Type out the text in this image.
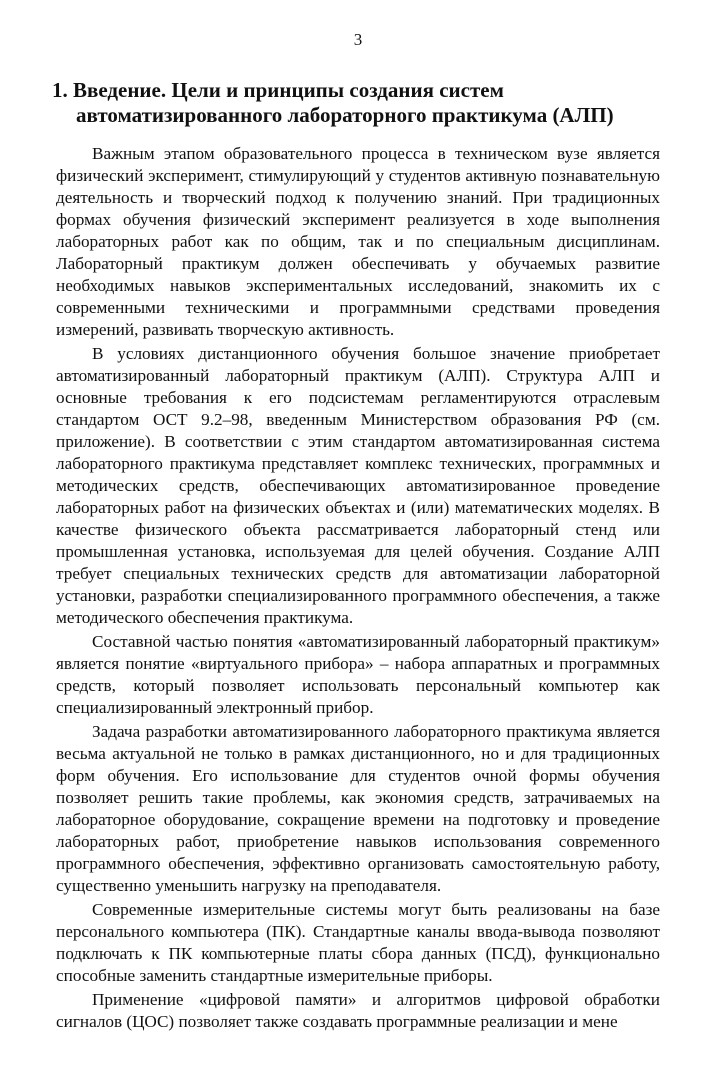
3
1. Введение. Цели и принципы создания систем
автоматизированного лабораторного практикума (АЛП)

Важным этапом образовательного процесса в техническом вузе является физический эксперимент, стимулирующий у студентов активную познавательную деятельность и творческий подход к получению знаний. При традиционных формах обучения физический эксперимент реализуется в ходе выполнения лабораторных работ как по общим, так и по специальным дисциплинам. Лабораторный практикум должен обеспечивать у обучаемых развитие необходимых навыков экспериментальных исследований, знакомить их с современными техническими и программными средствами проведения измерений, развивать творческую активность.

В условиях дистанционного обучения большое значение приобретает автоматизированный лабораторный практикум (АЛП). Структура АЛП и основные требования к его подсистемам регламентируются отраслевым стандартом ОСТ 9.2–98, введенным Министерством образования РФ (см. приложение). В соответствии с этим стандартом автоматизированная система лабораторного практикума представляет комплекс технических, программных и методических средств, обеспечивающих автоматизированное проведение лабораторных работ на физических объектах и (или) математических моделях. В качестве физического объекта рассматривается лабораторный стенд или промышленная установка, используемая для целей обучения. Создание АЛП требует специальных технических средств для автоматизации лабораторной установки, разработки специализированного программного обеспечения, а также методического обеспечения практикума.

Составной частью понятия «автоматизированный лабораторный практикум» является понятие «виртуального прибора» – набора аппаратных и программных средств, который позволяет использовать персональный компьютер как специализированный электронный прибор.

Задача разработки автоматизированного лабораторного практикума является весьма актуальной не только в рамках дистанционного, но и для традиционных форм обучения. Его использование для студентов очной формы обучения позволяет решить такие проблемы, как экономия средств, затрачиваемых на лабораторное оборудование, сокращение времени на подготовку и проведение лабораторных работ, приобретение навыков использования современного программного обеспечения, эффективно организовать самостоятельную работу, существенно уменьшить нагрузку на преподавателя.

Современные измерительные системы могут быть реализованы на базе персонального компьютера (ПК). Стандартные каналы ввода-вывода позволяют подключать к ПК компьютерные платы сбора данных (ПСД), функционально способные заменить стандартные измерительные приборы.

Применение «цифровой памяти» и алгоритмов цифровой обработки сигналов (ЦОС) позволяет также создавать программные реализации и мене
